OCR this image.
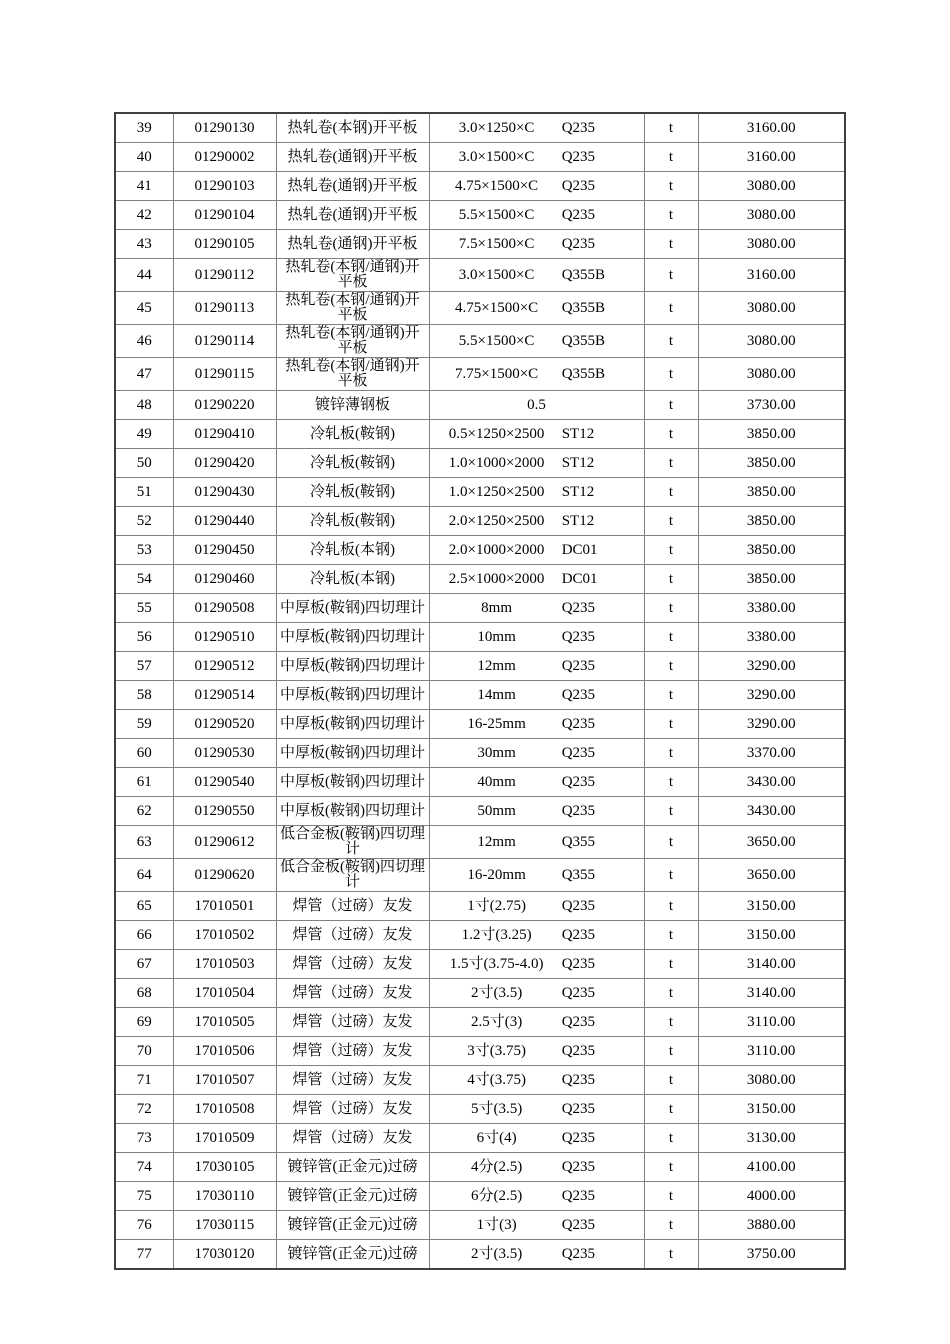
39	01290130	热轧卷(本钢)开平板	3.0×1250×C Q235	t	3160.00
40	01290002	热轧卷(通钢)开平板	3.0×1500×C Q235	t	3160.00
41	01290103	热轧卷(通钢)开平板	4.75×1500×C Q235	t	3080.00
42	01290104	热轧卷(通钢)开平板	5.5×1500×C Q235	t	3080.00
43	01290105	热轧卷(通钢)开平板	7.5×1500×C Q235	t	3080.00
44	01290112	热轧卷(本钢/通钢)开平板	3.0×1500×C Q355B	t	3160.00
45	01290113	热轧卷(本钢/通钢)开平板	4.75×1500×C Q355B	t	3080.00
46	01290114	热轧卷(本钢/通钢)开平板	5.5×1500×C Q355B	t	3080.00
47	01290115	热轧卷(本钢/通钢)开平板	7.75×1500×C Q355B	t	3080.00
48	01290220	镀锌薄钢板	0.5	t	3730.00
49	01290410	冷轧板(鞍钢)	0.5×1250×2500 ST12	t	3850.00
50	01290420	冷轧板(鞍钢)	1.0×1000×2000 ST12	t	3850.00
51	01290430	冷轧板(鞍钢)	1.0×1250×2500 ST12	t	3850.00
52	01290440	冷轧板(鞍钢)	2.0×1250×2500 ST12	t	3850.00
53	01290450	冷轧板(本钢)	2.0×1000×2000 DC01	t	3850.00
54	01290460	冷轧板(本钢)	2.5×1000×2000 DC01	t	3850.00
55	01290508	中厚板(鞍钢)四切理计	8mm Q235	t	3380.00
56	01290510	中厚板(鞍钢)四切理计	10mm Q235	t	3380.00
57	01290512	中厚板(鞍钢)四切理计	12mm Q235	t	3290.00
58	01290514	中厚板(鞍钢)四切理计	14mm Q235	t	3290.00
59	01290520	中厚板(鞍钢)四切理计	16-25mm Q235	t	3290.00
60	01290530	中厚板(鞍钢)四切理计	30mm Q235	t	3370.00
61	01290540	中厚板(鞍钢)四切理计	40mm Q235	t	3430.00
62	01290550	中厚板(鞍钢)四切理计	50mm Q235	t	3430.00
63	01290612	低合金板(鞍钢)四切理计	12mm Q355	t	3650.00
64	01290620	低合金板(鞍钢)四切理计	16-20mm Q355	t	3650.00
65	17010501	焊管（过磅）友发	1寸(2.75) Q235	t	3150.00
66	17010502	焊管（过磅）友发	1.2寸(3.25) Q235	t	3150.00
67	17010503	焊管（过磅）友发	1.5寸(3.75-4.0) Q235	t	3140.00
68	17010504	焊管（过磅）友发	2寸(3.5) Q235	t	3140.00
69	17010505	焊管（过磅）友发	2.5寸(3) Q235	t	3110.00
70	17010506	焊管（过磅）友发	3寸(3.75) Q235	t	3110.00
71	17010507	焊管（过磅）友发	4寸(3.75) Q235	t	3080.00
72	17010508	焊管（过磅）友发	5寸(3.5) Q235	t	3150.00
73	17010509	焊管（过磅）友发	6寸(4) Q235	t	3130.00
74	17030105	镀锌管(正金元)过磅	4分(2.5) Q235	t	4100.00
75	17030110	镀锌管(正金元)过磅	6分(2.5) Q235	t	4000.00
76	17030115	镀锌管(正金元)过磅	1寸(3) Q235	t	3880.00
77	17030120	镀锌管(正金元)过磅	2寸(3.5) Q235	t	3750.00
